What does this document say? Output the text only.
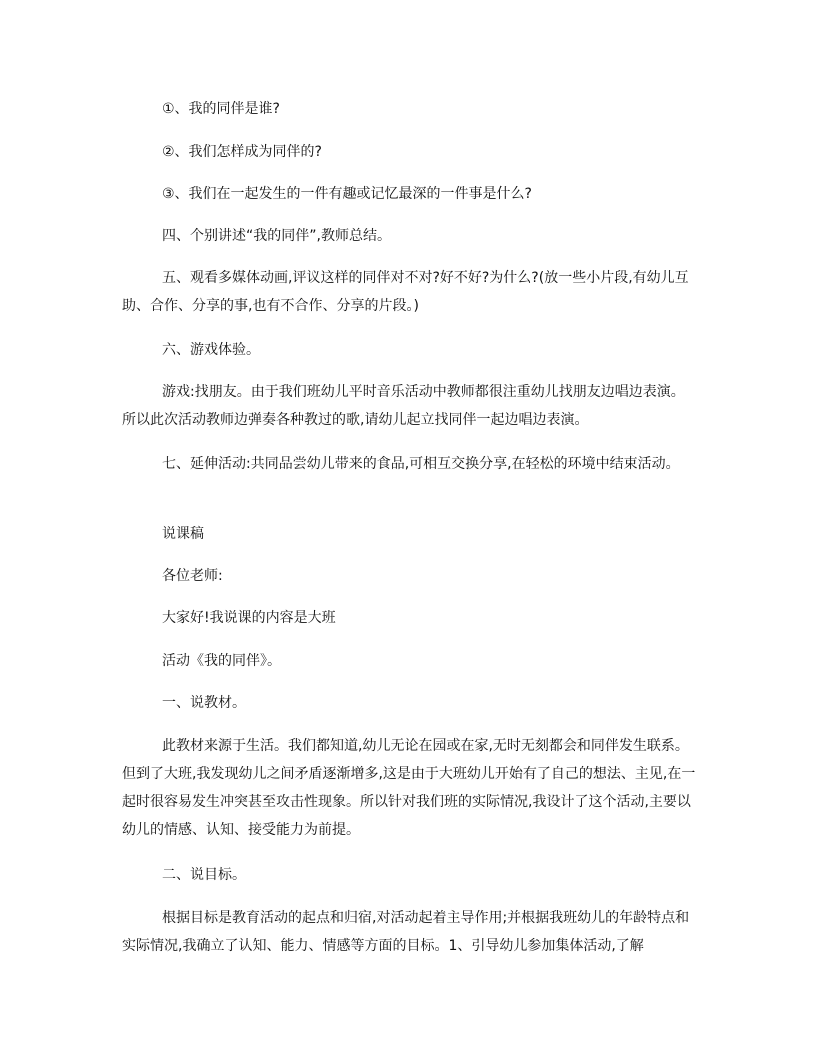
①、我的同伴是谁?

②、我们怎样成为同伴的?

③、我们在一起发生的一件有趣或记忆最深的一件事是什么?

四、个别讲述“我的同伴”,教师总结。

五、观看多媒体动画,评议这样的同伴对不对?好不好?为什么?(放一些小片段,有幼儿互助、合作、分享的事,也有不合作、分享的片段。)

六、游戏体验。

游戏:找朋友。由于我们班幼儿平时音乐活动中教师都很注重幼儿找朋友边唱边表演。所以此次活动教师边弹奏各种教过的歌,请幼儿起立找同伴一起边唱边表演。

七、延伸活动:共同品尝幼儿带来的食品,可相互交换分享,在轻松的环境中结束活动。

说课稿

各位老师:

大家好!我说课的内容是大班

活动《我的同伴》。

一、说教材。

此教材来源于生活。我们都知道,幼儿无论在园或在家,无时无刻都会和同伴发生联系。但到了大班,我发现幼儿之间矛盾逐渐增多,这是由于大班幼儿开始有了自己的想法、主见,在一起时很容易发生冲突甚至攻击性现象。所以针对我们班的实际情况,我设计了这个活动,主要以幼儿的情感、认知、接受能力为前提。

二、说目标。

根据目标是教育活动的起点和归宿,对活动起着主导作用;并根据我班幼儿的年龄特点和实际情况,我确立了认知、能力、情感等方面的目标。1、引导幼儿参加集体活动,了解
